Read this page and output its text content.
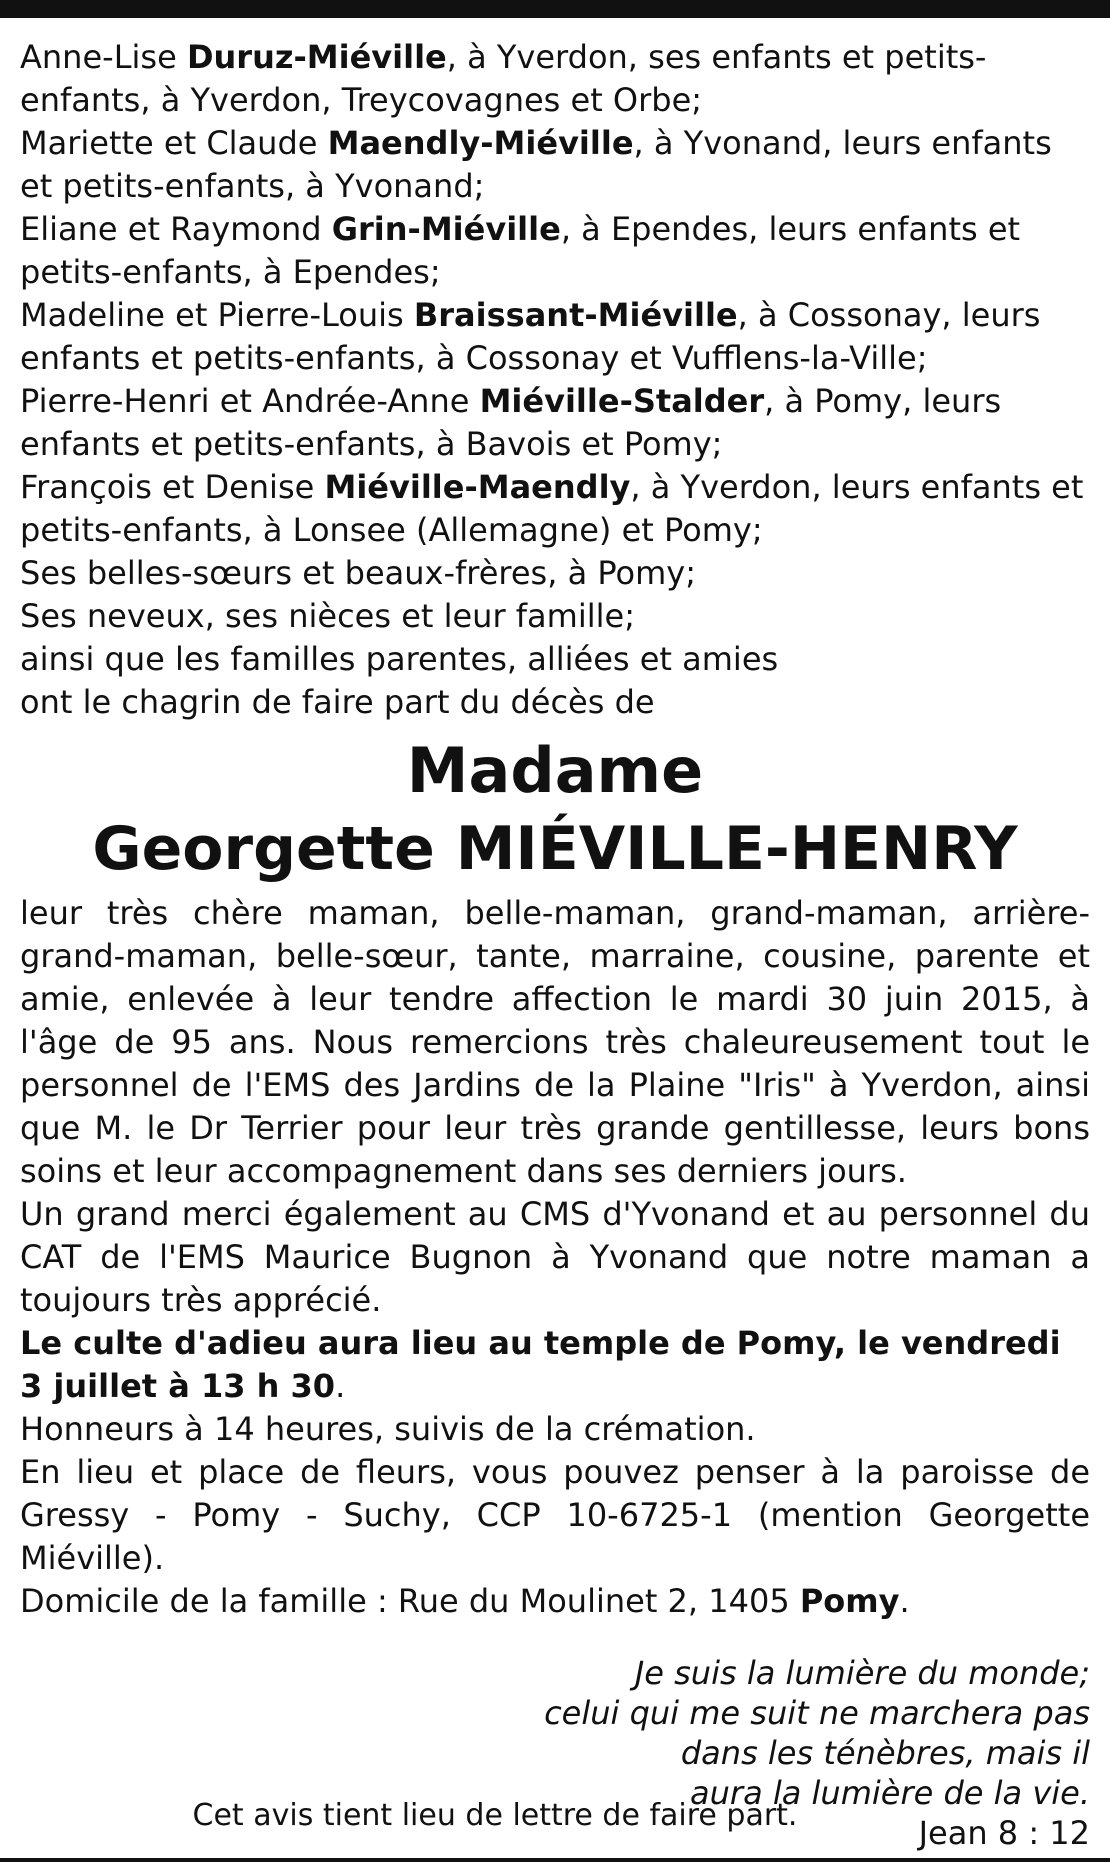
Anne-Lise Duruz-Miéville, à Yverdon, ses enfants et petits-enfants, à Yverdon, Treycovagnes et Orbe;

Mariette et Claude Maendly-Miéville, à Yvonand, leurs enfants et petits-enfants, à Yvonand;

Eliane et Raymond Grin-Miéville, à Ependes, leurs enfants et petits-enfants, à Ependes;

Madeline et Pierre-Louis Braissant-Miéville, à Cossonay, leurs enfants et petits-enfants, à Cossonay et Vufflens-la-Ville;

Pierre-Henri et Andrée-Anne Miéville-Stalder, à Pomy, leurs enfants et petits-enfants, à Bavois et Pomy;

François et Denise Miéville-Maendly, à Yverdon, leurs enfants et petits-enfants, à Lonsee (Allemagne) et Pomy;

Ses belles-sœurs et beaux-frères, à Pomy;

Ses neveux, ses nièces et leur famille;

ainsi que les familles parentes, alliées et amies

ont le chagrin de faire part du décès de

Madame
Georgette MIÉVILLE-HENRY

leur très chère maman, belle-maman, grand-maman, arrière-grand-maman, belle-sœur, tante, marraine, cousine, parente et amie, enlevée à leur tendre affection le mardi 30 juin 2015, à l'âge de 95 ans. Nous remercions très chaleureusement tout le personnel de l'EMS des Jardins de la Plaine "Iris" à Yverdon, ainsi que M. le Dr Terrier pour leur très grande gentillesse, leurs bons soins et leur accompagnement dans ses derniers jours.

Un grand merci également au CMS d'Yvonand et au personnel du CAT de l'EMS Maurice Bugnon à Yvonand que notre maman a toujours très apprécié.

Le culte d'adieu aura lieu au temple de Pomy, le vendredi 3 juillet à 13 h 30.

Honneurs à 14 heures, suivis de la crémation.

En lieu et place de fleurs, vous pouvez penser à la paroisse de Gressy - Pomy - Suchy, CCP 10-6725-1 (mention Georgette Miéville).

Domicile de la famille : Rue du Moulinet 2, 1405 Pomy.

Je suis la lumière du monde;

celui qui me suit ne marchera pas

dans les ténèbres, mais il

aura la lumière de la vie.

Jean 8 : 12

Cet avis tient lieu de lettre de faire part.
